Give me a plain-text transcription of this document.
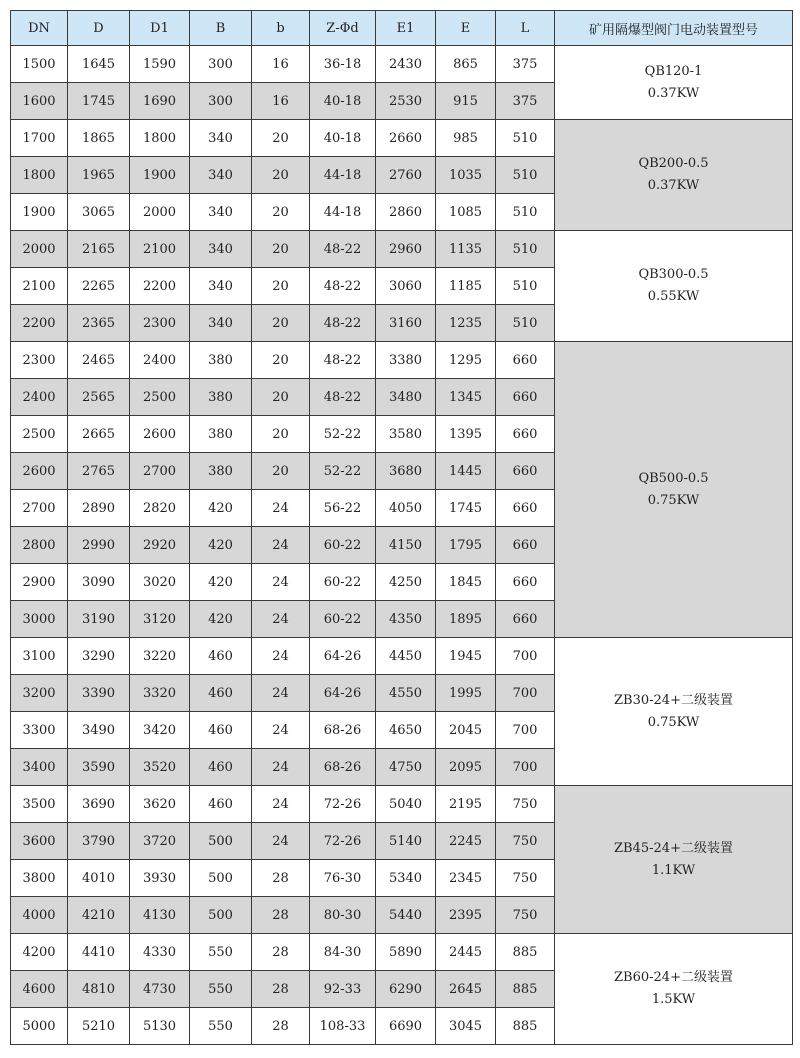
DN	D	D1	B	b	Z-Φd	E1	E	L	矿用隔爆型阀门电动装置型号
1500	1645	1590	300	16	36-18	2430	865	375	QB120-1
0.37KW

1600	1745	1690	300	16	40-18	2530	915	375	
1700	1865	1800	340	20	40-18	2660	985	510	QB200-0.5
0.37KW

1800	1965	1900	340	20	44-18	2760	1035	510	
1900	3065	2000	340	20	44-18	2860	1085	510	
2000	2165	2100	340	20	48-22	2960	1135	510	QB300-0.5
0.55KW

2100	2265	2200	340	20	48-22	3060	1185	510	
2200	2365	2300	340	20	48-22	3160	1235	510	
2300	2465	2400	380	20	48-22	3380	1295	660	QB500-0.5
0.75KW

2400	2565	2500	380	20	48-22	3480	1345	660	
2500	2665	2600	380	20	52-22	3580	1395	660	
2600	2765	2700	380	20	52-22	3680	1445	660	
2700	2890	2820	420	24	56-22	4050	1745	660	
2800	2990	2920	420	24	60-22	4150	1795	660	
2900	3090	3020	420	24	60-22	4250	1845	660	
3000	3190	3120	420	24	60-22	4350	1895	660	
3100	3290	3220	460	24	64-26	4450	1945	700	ZB30-24+二级装置
0.75KW

3200	3390	3320	460	24	64-26	4550	1995	700	
3300	3490	3420	460	24	68-26	4650	2045	700	
3400	3590	3520	460	24	68-26	4750	2095	700	
3500	3690	3620	460	24	72-26	5040	2195	750	ZB45-24+二级装置
1.1KW

3600	3790	3720	500	24	72-26	5140	2245	750	
3800	4010	3930	500	28	76-30	5340	2345	750	
4000	4210	4130	500	28	80-30	5440	2395	750	
4200	4410	4330	550	28	84-30	5890	2445	885	ZB60-24+二级装置
1.5KW

4600	4810	4730	550	28	92-33	6290	2645	885	
5000	5210	5130	550	28	108-33	6690	3045	885	
